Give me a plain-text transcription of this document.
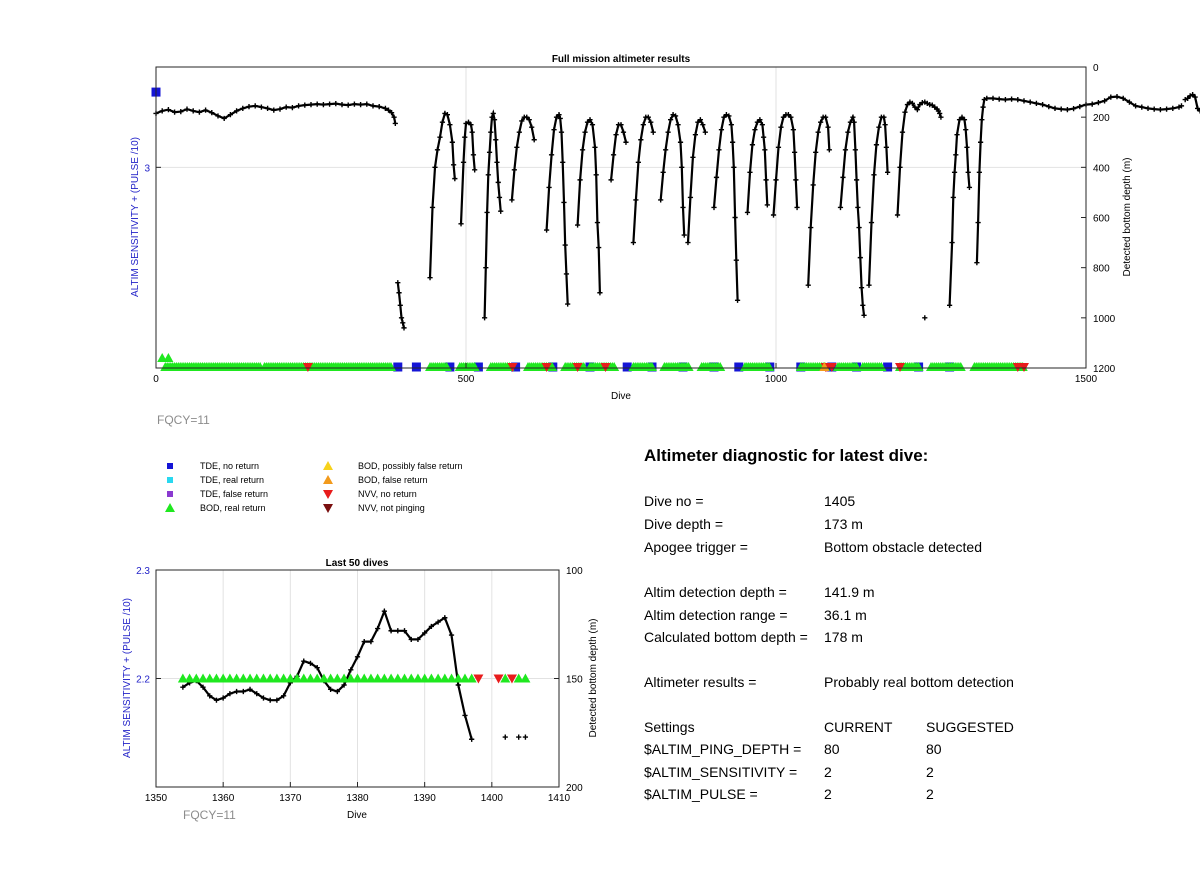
0	500	1000	1500
3
0
200
400
600
800
1000
1200
Full mission altimeter results
Dive
ALTIM SENSITIVITY + (PULSE /10)	Detected bottom depth (m)
FQCY=11
1350	1360	1370	1380	1390	1400	1410
2.3
2.2
100
150
200
Last 50 dives
Dive
ALTIM SENSITIVITY + (PULSE /10)	Detected bottom depth (m)
FQCY=11
TDE, no return
TDE, real return
TDE, false return
BOD, real return
BOD, possibly false return
BOD, false return
NVV, no return
NVV, not pinging
Altimeter diagnostic for latest dive:
Dive no =	1405
Dive depth =	173 m
Apogee trigger =	Bottom obstacle detected
Altim detection depth =	141.9 m
Altim detection range =	36.1 m
Calculated bottom depth = 178 m
Altimeter results =	Probably real bottom detection
Settings	CURRENT SUGGESTED
$ALTIM_PING_DEPTH = 80	80
$ALTIM_SENSITIVITY = 2	2
$ALTIM_PULSE =	2	2
